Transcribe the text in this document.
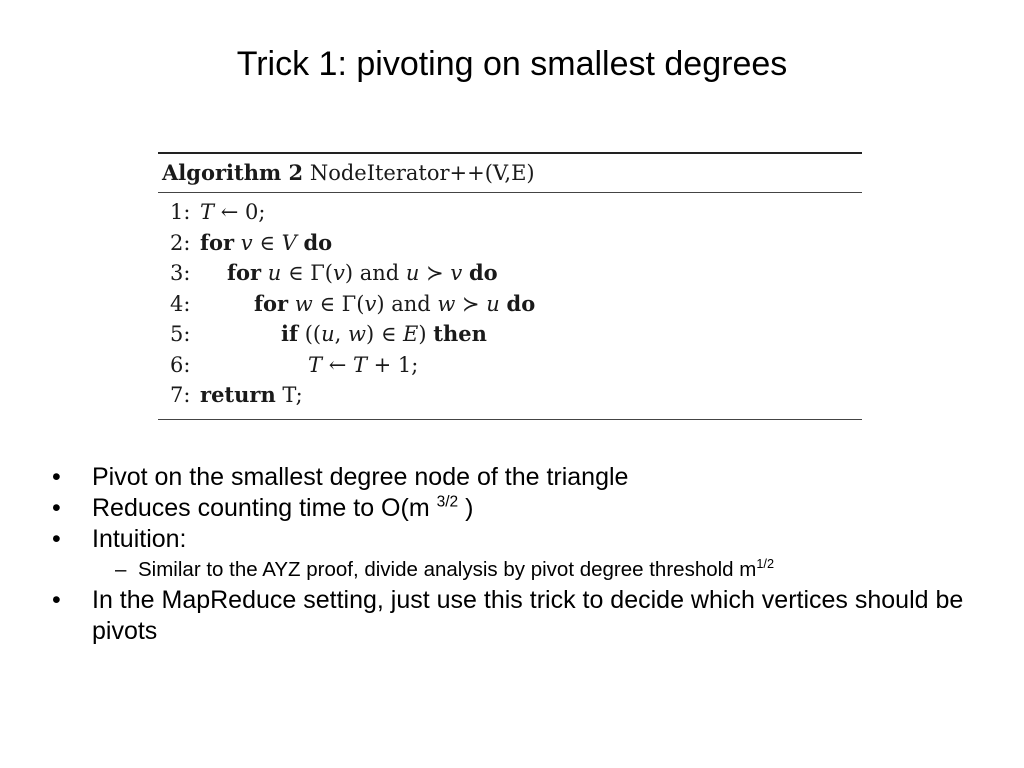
Trick 1: pivoting on smallest degrees
Algorithm 2 NodeIterator++(V,E)
1: T ← 0;
2: for v ∈ V do
3: for u ∈ Γ(v) and u ≻ v do
4:	for w ∈ Γ(v) and w ≻ u do
5:	if ((u, w) ∈ E) then
6:	T ← T + 1;
7: return T;
• Pivot on the smallest degree node of the triangle
• Reduces counting time to O(m $^{3/2}$ )
• Intuition:
– Similar to the AYZ proof, divide analysis by pivot degree threshold $m^{1/2}$
• In the MapReduce setting, just use this trick to decide which vertices should be pivots
